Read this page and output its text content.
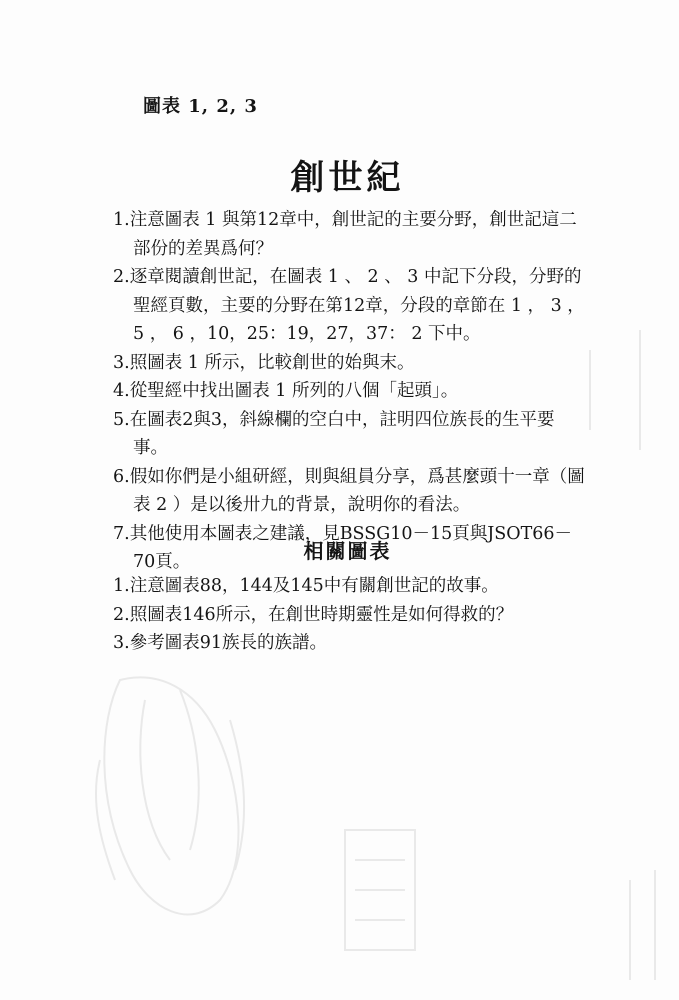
圖表 1, 2, 3
創世紀
1.注意圖表 1 與第12章中，創世記的主要分野，創世記這二部份的差異爲何？
2.逐章閱讀創世記，在圖表 1 、 2 、 3 中記下分段，分野的聖經頁數，主要的分野在第12章，分段的章節在 1 ， 3 ， 5 ， 6 ，10，25：19，27，37： 2 下中。
3.照圖表 1 所示，比較創世的始與末。
4.從聖經中找出圖表 1 所列的八個「起頭」。
5.在圖表2與3，斜線欄的空白中，註明四位族長的生平要事。
6.假如你們是小組研經，則與組員分享，爲甚麼頭十一章（圖表 2 ）是以後卅九的背景，說明你的看法。
7.其他使用本圖表之建議，見BSSG10－15頁與JSOT66－70頁。	相關圖表
1.注意圖表88，144及145中有關創世記的故事。
2.照圖表146所示，在創世時期靈性是如何得救的？
3.參考圖表91族長的族譜。
